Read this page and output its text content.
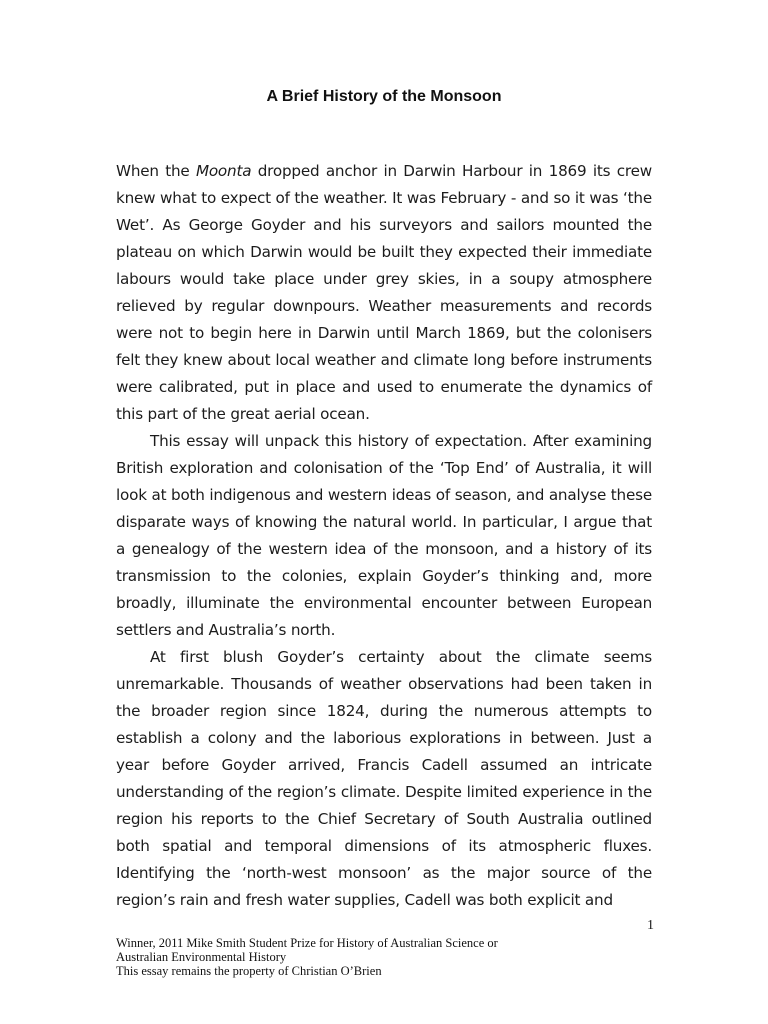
A Brief History of the Monsoon

When the Moonta dropped anchor in Darwin Harbour in 1869 its crew knew what to expect of the weather. It was February - and so it was ‘the Wet’. As George Goyder and his surveyors and sailors mounted the plateau on which Darwin would be built they expected their immediate labours would take place under grey skies, in a soupy atmosphere relieved by regular downpours. Weather measurements and records were not to begin here in Darwin until March 1869, but the colonisers felt they knew about local weather and climate long before instruments were calibrated, put in place and used to enumerate the dynamics of this part of the great aerial ocean.

This essay will unpack this history of expectation. After examining British exploration and colonisation of the ‘Top End’ of Australia, it will look at both indigenous and western ideas of season, and analyse these disparate ways of knowing the natural world. In particular, I argue that a genealogy of the western idea of the monsoon, and a history of its transmission to the colonies, explain Goyder’s thinking and, more broadly, illuminate the environmental encounter between European settlers and Australia’s north.

At first blush Goyder’s certainty about the climate seems unremarkable. Thousands of weather observations had been taken in the broader region since 1824, during the numerous attempts to establish a colony and the laborious explorations in between. Just a year before Goyder arrived, Francis Cadell assumed an intricate understanding of the region’s climate. Despite limited experience in the region his reports to the Chief Secretary of South Australia outlined both spatial and temporal dimensions of its atmospheric fluxes. Identifying the ‘north-west monsoon’ as the major source of the region’s rain and fresh water supplies, Cadell was both explicit and

1
Winner, 2011 Mike Smith Student Prize for History of Australian Science or
Australian Environmental History
This essay remains the property of Christian O’Brien
